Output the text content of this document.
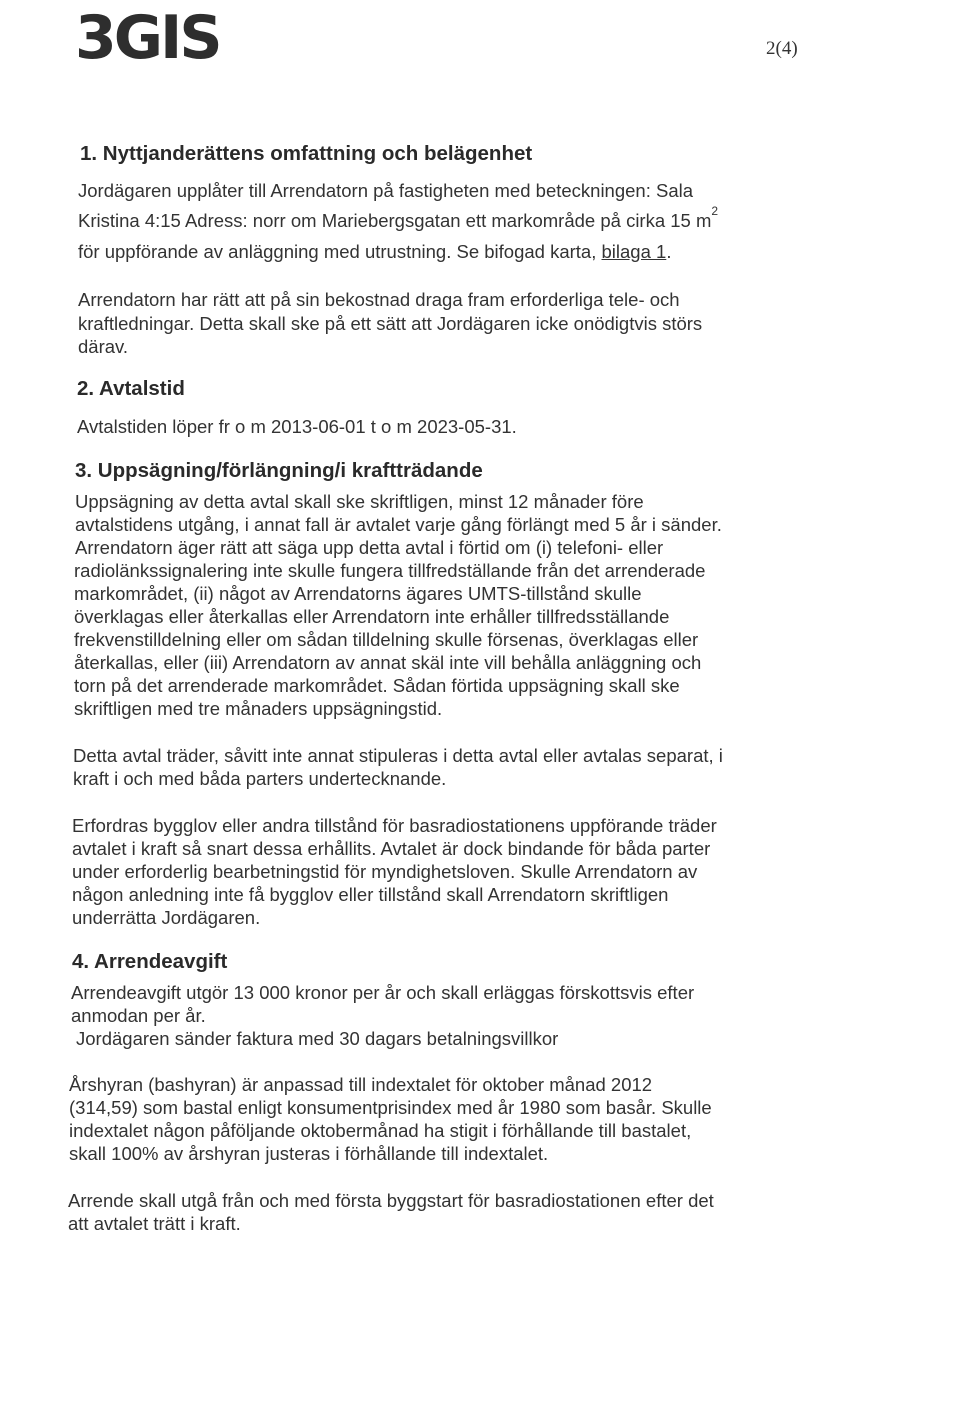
3GIS	2(4)
1. Nyttjanderättens omfattning och belägenhet
Jordägaren upplåter till Arrendatorn på fastigheten med beteckningen: Sala
Kristina 4:15 Adress: norr om Mariebergsgatan ett markområde på cirka 15 $m^2$
för uppförande av anläggning med utrustning. Se bifogad karta, bilaga 1.
Arrendatorn har rätt att på sin bekostnad draga fram erforderliga tele- och
kraftledningar. Detta skall ske på ett sätt att Jordägaren icke onödigtvis störs
därav.
2. Avtalstid
Avtalstiden löper fr o m 2013-06-01 t o m 2023-05-31.
3. Uppsägning/förlängning/i kraftträdande
Uppsägning av detta avtal skall ske skriftligen, minst 12 månader före
avtalstidens utgång, i annat fall är avtalet varje gång förlängt med 5 år i sänder.
Arrendatorn äger rätt att säga upp detta avtal i förtid om (i) telefoni- eller
radiolänkssignalering inte skulle fungera tillfredställande från det arrenderade
markområdet, (ii) något av Arrendatorns ägares UMTS-tillstånd skulle
överklagas eller återkallas eller Arrendatorn inte erhåller tillfredsställande
frekvenstilldelning eller om sådan tilldelning skulle försenas, överklagas eller
återkallas, eller (iii) Arrendatorn av annat skäl inte vill behålla anläggning och
torn på det arrenderade markområdet. Sådan förtida uppsägning skall ske
skriftligen med tre månaders uppsägningstid.
Detta avtal träder, såvitt inte annat stipuleras i detta avtal eller avtalas separat, i
kraft i och med båda parters undertecknande.
Erfordras bygglov eller andra tillstånd för basradiostationens uppförande träder
avtalet i kraft så snart dessa erhållits. Avtalet är dock bindande för båda parter
under erforderlig bearbetningstid för myndighetsloven. Skulle Arrendatorn av
någon anledning inte få bygglov eller tillstånd skall Arrendatorn skriftligen
underrätta Jordägaren.
4. Arrendeavgift
Arrendeavgift utgör 13 000 kronor per år och skall erläggas förskottsvis efter
anmodan per år.
Jordägaren sänder faktura med 30 dagars betalningsvillkor
Årshyran (bashyran) är anpassad till indextalet för oktober månad 2012
(314,59) som bastal enligt konsumentprisindex med år 1980 som basår. Skulle
indextalet någon påföljande oktobermånad ha stigit i förhållande till bastalet,
skall 100% av årshyran justeras i förhållande till indextalet.
Arrende skall utgå från och med första byggstart för basradiostationen efter det
att avtalet trätt i kraft.
